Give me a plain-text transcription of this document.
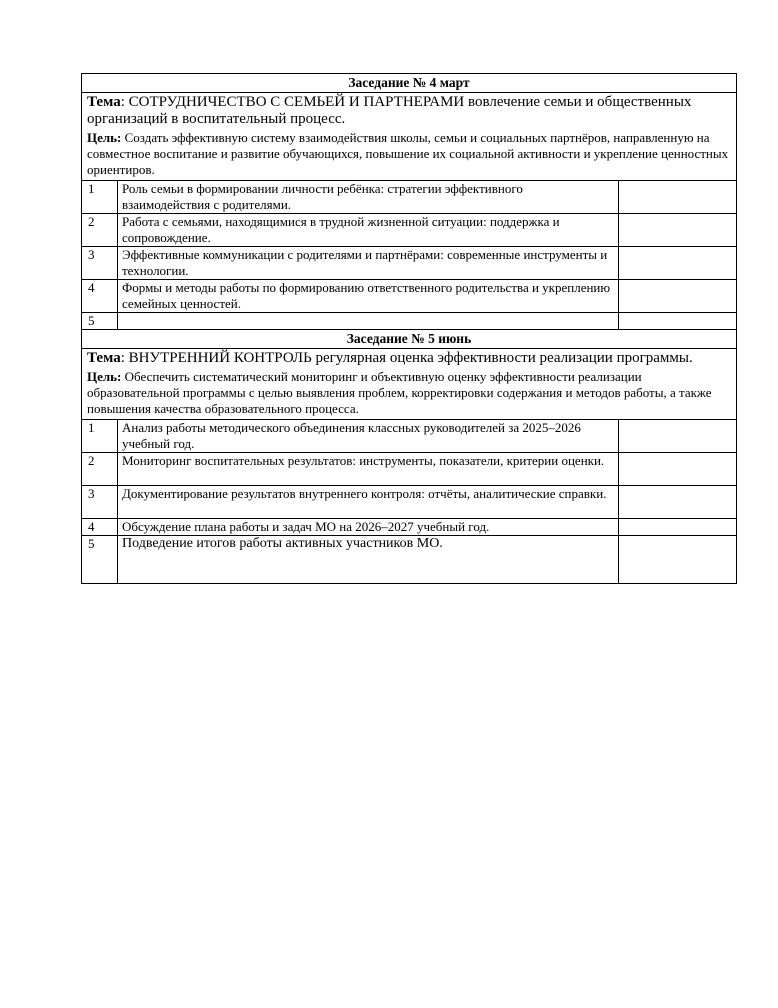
Заседание № 4 март		

Тема: СОТРУДНИЧЕСТВО С СЕМЬЕЙ И ПАРТНЕРАМИ вовлечение семьи и общественных организаций в воспитательный процесс.

Цель: Создать эффективную систему взаимодействия школы, семьи и социальных партнёров, направленную на совместное воспитание и развитие обучающихся, повышение их социальной активности и укрепление ценностных ориентиров.		

1	Роль семьи в формировании личности ребёнка: стратегии эффективного взаимодействия с родителями.	
2	Работа с семьями, находящимися в трудной жизненной ситуации: поддержка и сопровождение.	
3	Эффективные коммуникации с родителями и партнёрами: современные инструменты и технологии.	
4	Формы и методы работы по формированию ответственного родительства и укреплению семейных ценностей.	
5		
Заседание № 5 июнь		

Тема: ВНУТРЕННИЙ КОНТРОЛЬ регулярная оценка эффективности реализации программы.

Цель: Обеспечить систематический мониторинг и объективную оценку эффективности реализации образовательной программы с целью выявления проблем, корректировки содержания и методов работы, а также повышения качества образовательного процесса.		

1	Анализ работы методического объединения классных руководителей за 2025–2026 учебный год.	
2	Мониторинг воспитательных результатов: инструменты, показатели, критерии оценки.	
3	Документирование результатов внутреннего контроля: отчёты, аналитические справки.	
4	Обсуждение плана работы и задач МО на 2026–2027 учебный год.	
5	Подведение итогов работы активных участников МО.	
